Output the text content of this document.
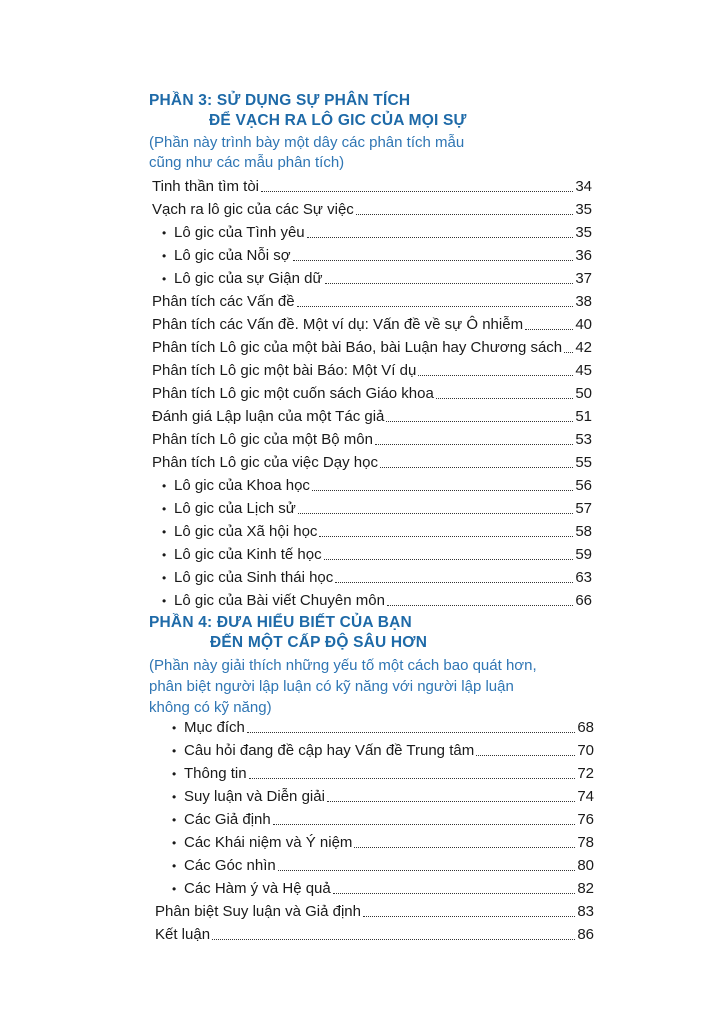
PHẦN 3: SỬ DỤNG SỰ PHÂN TÍCH
ĐỂ VẠCH RA LÔ GIC CỦA MỌI SỰ
(Phần này trình bày một dây các phân tích mẫu
cũng như các mẫu phân tích)
Tinh thần tìm tòi	34
Vạch ra lô gic của các Sự việc	35
• Lô gic của Tình yêu	35
• Lô gic của Nỗi sợ	36
• Lô gic của sự Giận dữ	37
Phân tích các Vấn đề	38
Phân tích các Vấn đề. Một ví dụ: Vấn đề về sự Ô nhiễm	40
Phân tích Lô gic của một bài Báo, bài Luận hay Chương sách 42
Phân tích Lô gic một bài Báo: Một Ví dụ	45
Phân tích Lô gic một cuốn sách Giáo khoa	50
Đánh giá Lập luận của một Tác giả	51
Phân tích Lô gic của một Bộ môn	53
Phân tích Lô gic của việc Dạy học	55
• Lô gic của Khoa học	56
• Lô gic của Lịch sử	57
• Lô gic của Xã hội học	58
• Lô gic của Kinh tế học	59
• Lô gic của Sinh thái học	63
• Lô gic của Bài viết Chuyên môn	66
PHẦN 4: ĐƯA HIỂU BIẾT CỦA BẠN
ĐẾN MỘT CẤP ĐỘ SÂU HƠN
(Phần này giải thích những yếu tố một cách bao quát hơn,
phân biệt người lập luận có kỹ năng với người lập luận
không có kỹ năng)
• Mục đích	68
• Câu hỏi đang đề cập hay Vấn đề Trung tâm	70
• Thông tin	72
• Suy luận và Diễn giải	74
• Các Giả định	76
• Các Khái niệm và Ý niệm	78
• Các Góc nhìn	80
• Các Hàm ý và Hệ quả	82
Phân biệt Suy luận và Giả định	83
Kết luận	86
